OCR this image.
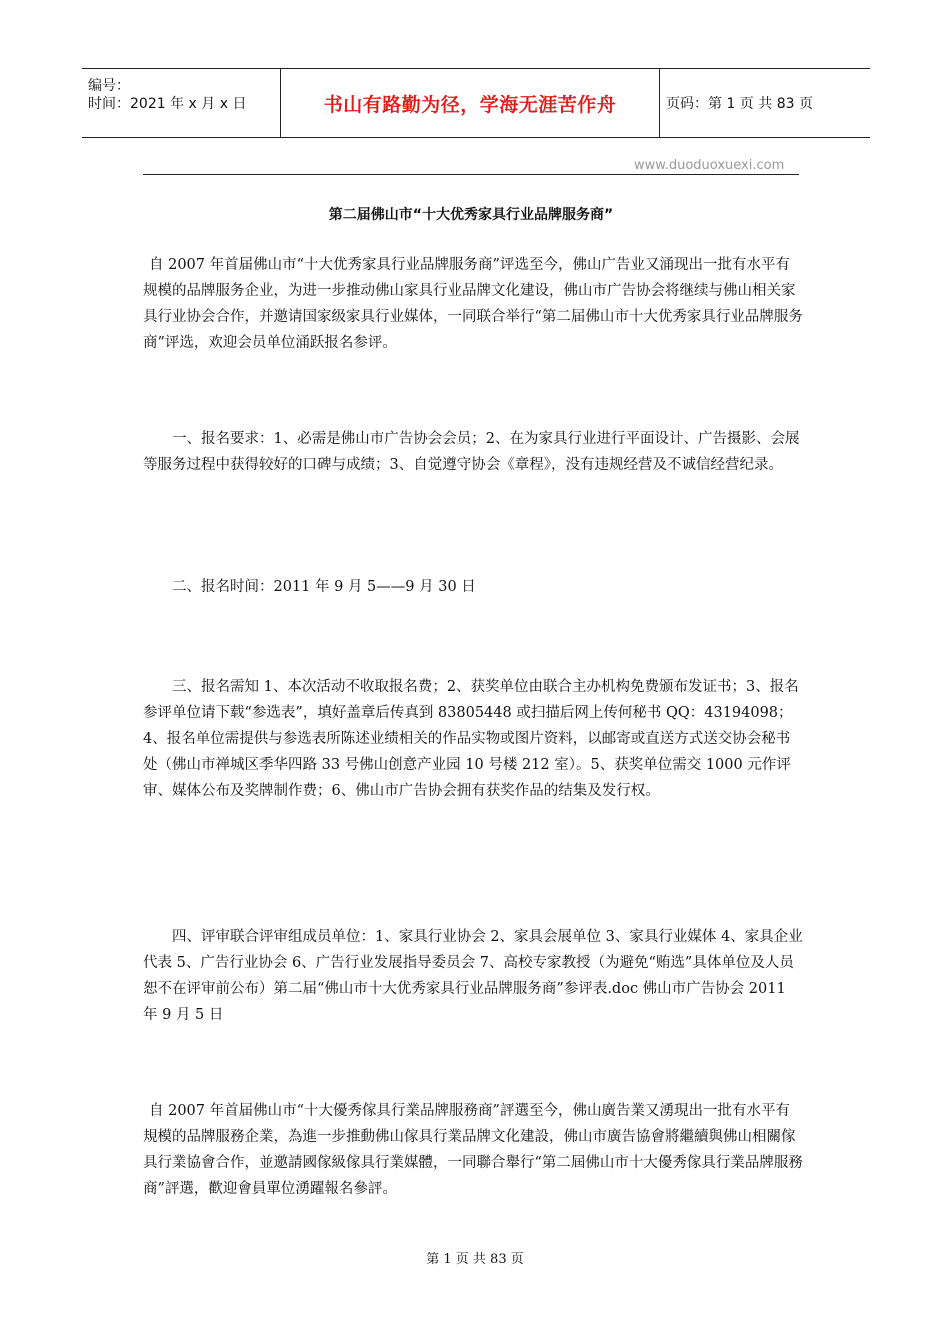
编号：
时间：2021 年 x 月 x 日	书山有路勤为径，学海无涯苦作舟	页码：第 1 页 共 83 页
www.duoduoxuexi.com
第二届佛山市“十大优秀家具行业品牌服务商”

自 2007 年首届佛山市“十大优秀家具行业品牌服务商”评选至今，佛山广告业又涌现出一批有水平有规模的品牌服务企业，为进一步推动佛山家具行业品牌文化建设，佛山市广告协会将继续与佛山相关家具行业协会合作，并邀请国家级家具行业媒体，一同联合举行“第二届佛山市十大优秀家具行业品牌服务商”评选，欢迎会员单位涌跃报名参评。

一、报名要求：1、必需是佛山市广告协会会员；2、在为家具行业进行平面设计、广告摄影、会展等服务过程中获得较好的口碑与成绩；3、自觉遵守协会《章程》，没有违规经营及不诚信经营纪录。

二、报名时间：2011 年 9 月 5——9 月 30 日

三、报名需知 1、本次活动不收取报名费；2、获奖单位由联合主办机构免费颁布发证书；3、报名参评单位请下载“参选表”，填好盖章后传真到 83805448 或扫描后网上传何秘书 QQ：43194098；4、报名单位需提供与参选表所陈述业绩相关的作品实物或图片资料，以邮寄或直送方式送交协会秘书处（佛山市禅城区季华四路 33 号佛山创意产业园 10 号楼 212 室）。5、获奖单位需交 1000 元作评审、媒体公布及奖牌制作费；6、佛山市广告协会拥有获奖作品的结集及发行权。

四、评审联合评审组成员单位：1、家具行业协会 2、家具会展单位 3、家具行业媒体 4、家具企业代表 5、广告行业协会 6、广告行业发展指导委员会 7、高校专家教授（为避免“贿选”具体单位及人员恕不在评审前公布）第二届“佛山市十大优秀家具行业品牌服务商”参评表.doc 佛山市广告协会 2011 年 9 月 5 日

自 2007 年首届佛山市“十大優秀傢具行業品牌服務商”評選至今，佛山廣告業又湧現出一批有水平有規模的品牌服務企業，為進一步推動佛山傢具行業品牌文化建設，佛山市廣告協會將繼續與佛山相關傢具行業協會合作，並邀請國傢級傢具行業媒體，一同聯合舉行“第二屆佛山市十大優秀傢具行業品牌服務商”評選，歡迎會員單位湧躍報名參評。

第 1 页 共 83 页
